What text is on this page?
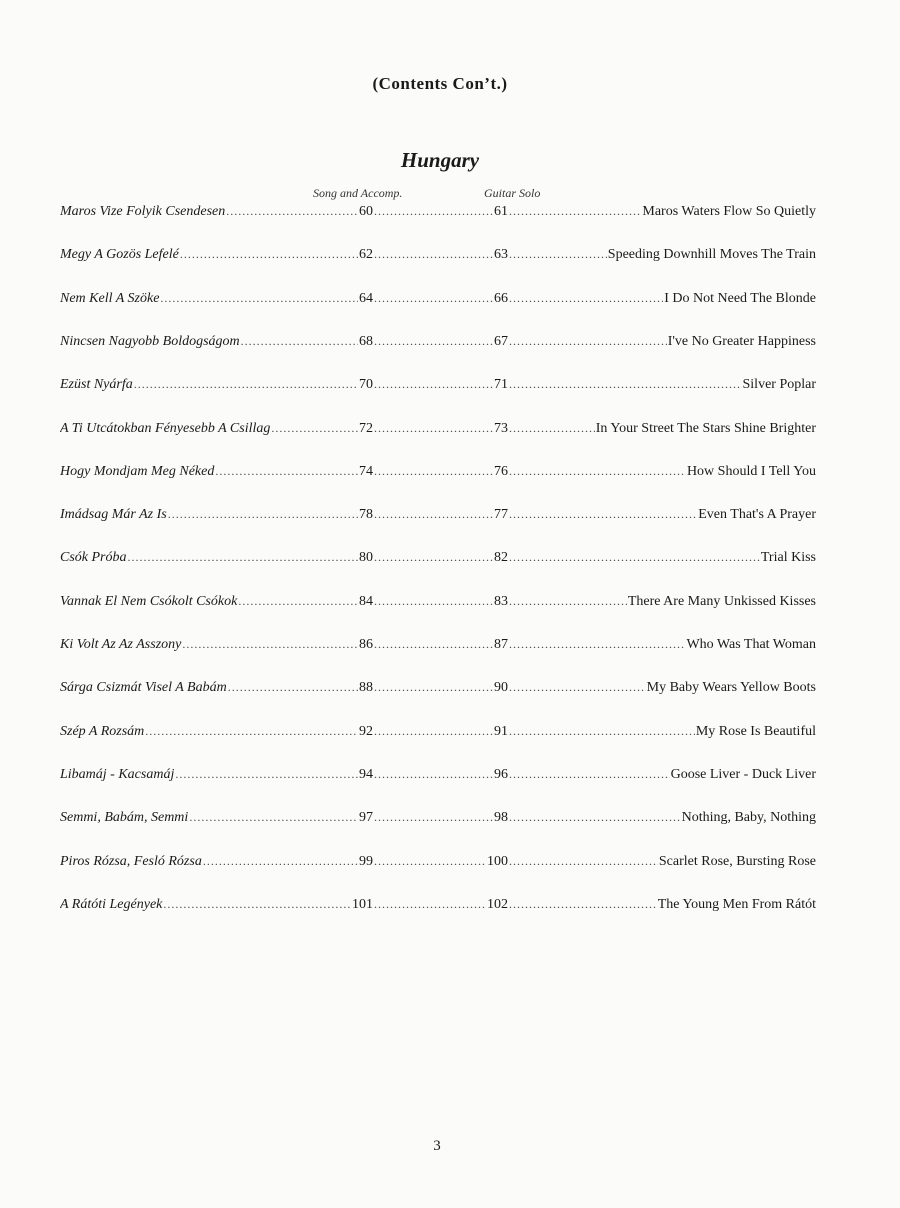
(Contents Con’t.)
Hungary
Song and Accomp.	Guitar Solo
Maros Vize Folyik Csendesen .....	60 .....	61 .....	Maros Waters Flow So Quietly
Megy A Gozös Lefelé .....	62 .....	63 .....	Speeding Downhill Moves The Train
Nem Kell A Szöke .....	64 .....	66 .....	I Do Not Need The Blonde
Nincsen Nagyobb Boldogságom .....	68 .....	67 .....	I've No Greater Happiness
Ezüst Nyárfa .....	70 .....	71 .....	Silver Poplar
A Ti Utcátokban Fényesebb A Csillag .....	72 .....	73 .....	In Your Street The Stars Shine Brighter
Hogy Mondjam Meg Néked .....	74 .....	76 .....	How Should I Tell You
Imádsag Már Az Is .....	78 .....	77 .....	Even That's A Prayer
Csók Próba .....	80 .....	82 .....	Trial Kiss
Vannak El Nem Csókolt Csókok .....	84 .....	83 .....	There Are Many Unkissed Kisses
Ki Volt Az Az Asszony .....	86 .....	87 .....	Who Was That Woman
Sárga Csizmát Visel A Babám .....	88 .....	90 .....	My Baby Wears Yellow Boots
Szép A Rozsám .....	92 .....	91 .....	My Rose Is Beautiful
Libamáj - Kacsamáj .....	94 .....	96 .....	Goose Liver - Duck Liver
Semmi, Babám, Semmi .....	97 .....	98 .....	Nothing, Baby, Nothing
Piros Rózsa, Fesló Rózsa .....	99 .....	100 .....	Scarlet Rose, Bursting Rose
A Rátóti Legények .....	101 .....	102 .....	The Young Men From Rátót
3
